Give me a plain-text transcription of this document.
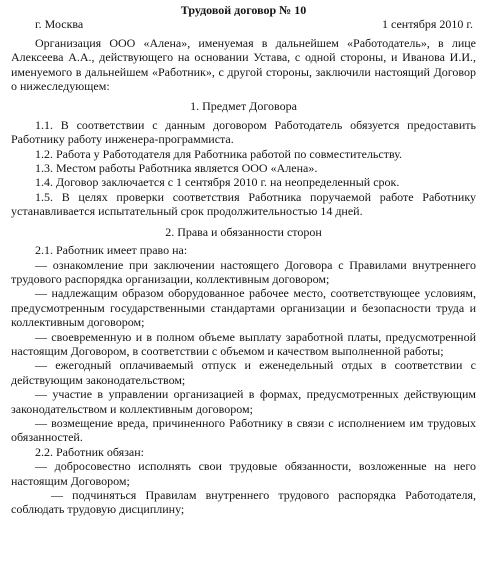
Трудовой договор № 10
г. Москва	1 сентября 2010 г.

Организация ООО «Алена», именуемая в дальнейшем «Работодатель», в лице Алексеева А.А., действующего на основании Устава, с одной стороны, и Иванова И.И., именуемого в дальнейшем «Работник», с другой стороны, заключили настоящий Договор о нижеследующем:

1. Предмет Договора

1.1. В соответствии с данным договором Работодатель обязуется предоставить Работнику работу инженера-программиста.

1.2. Работа у Работодателя для Работника работой по совместительству.

1.3. Местом работы Работника является ООО «Алена».

1.4. Договор заключается с 1 сентября 2010 г. на неопределенный срок.

1.5. В целях проверки соответствия Работника поручаемой работе Работнику устанавливается испытательный срок продолжительностью 14 дней.

2. Права и обязанности сторон

2.1. Работник имеет право на:

— ознакомление при заключении настоящего Договора с Правилами внутреннего трудового распорядка организации, коллективным договором;

— надлежащим образом оборудованное рабочее место, соответствующее условиям, предусмотренным государственными стандартами организации и безопасности труда и коллективным договором;

— своевременную и в полном объеме выплату заработной платы, предусмотренной настоящим Договором, в соответствии с объемом и качеством выполненной работы;

— ежегодный оплачиваемый отпуск и еженедельный отдых в соответствии с действующим законодательством;

— участие в управлении организацией в формах, предусмотренных действующим законодательством и коллективным договором;

— возмещение вреда, причиненного Работнику в связи с исполнением им трудовых обязанностей.

2.2. Работник обязан:

— добросовестно исполнять свои трудовые обязанности, возложенные на него настоящим Договором;

— подчиняться Правилам внутреннего трудового распорядка Работодателя, соблюдать трудовую дисциплину;
